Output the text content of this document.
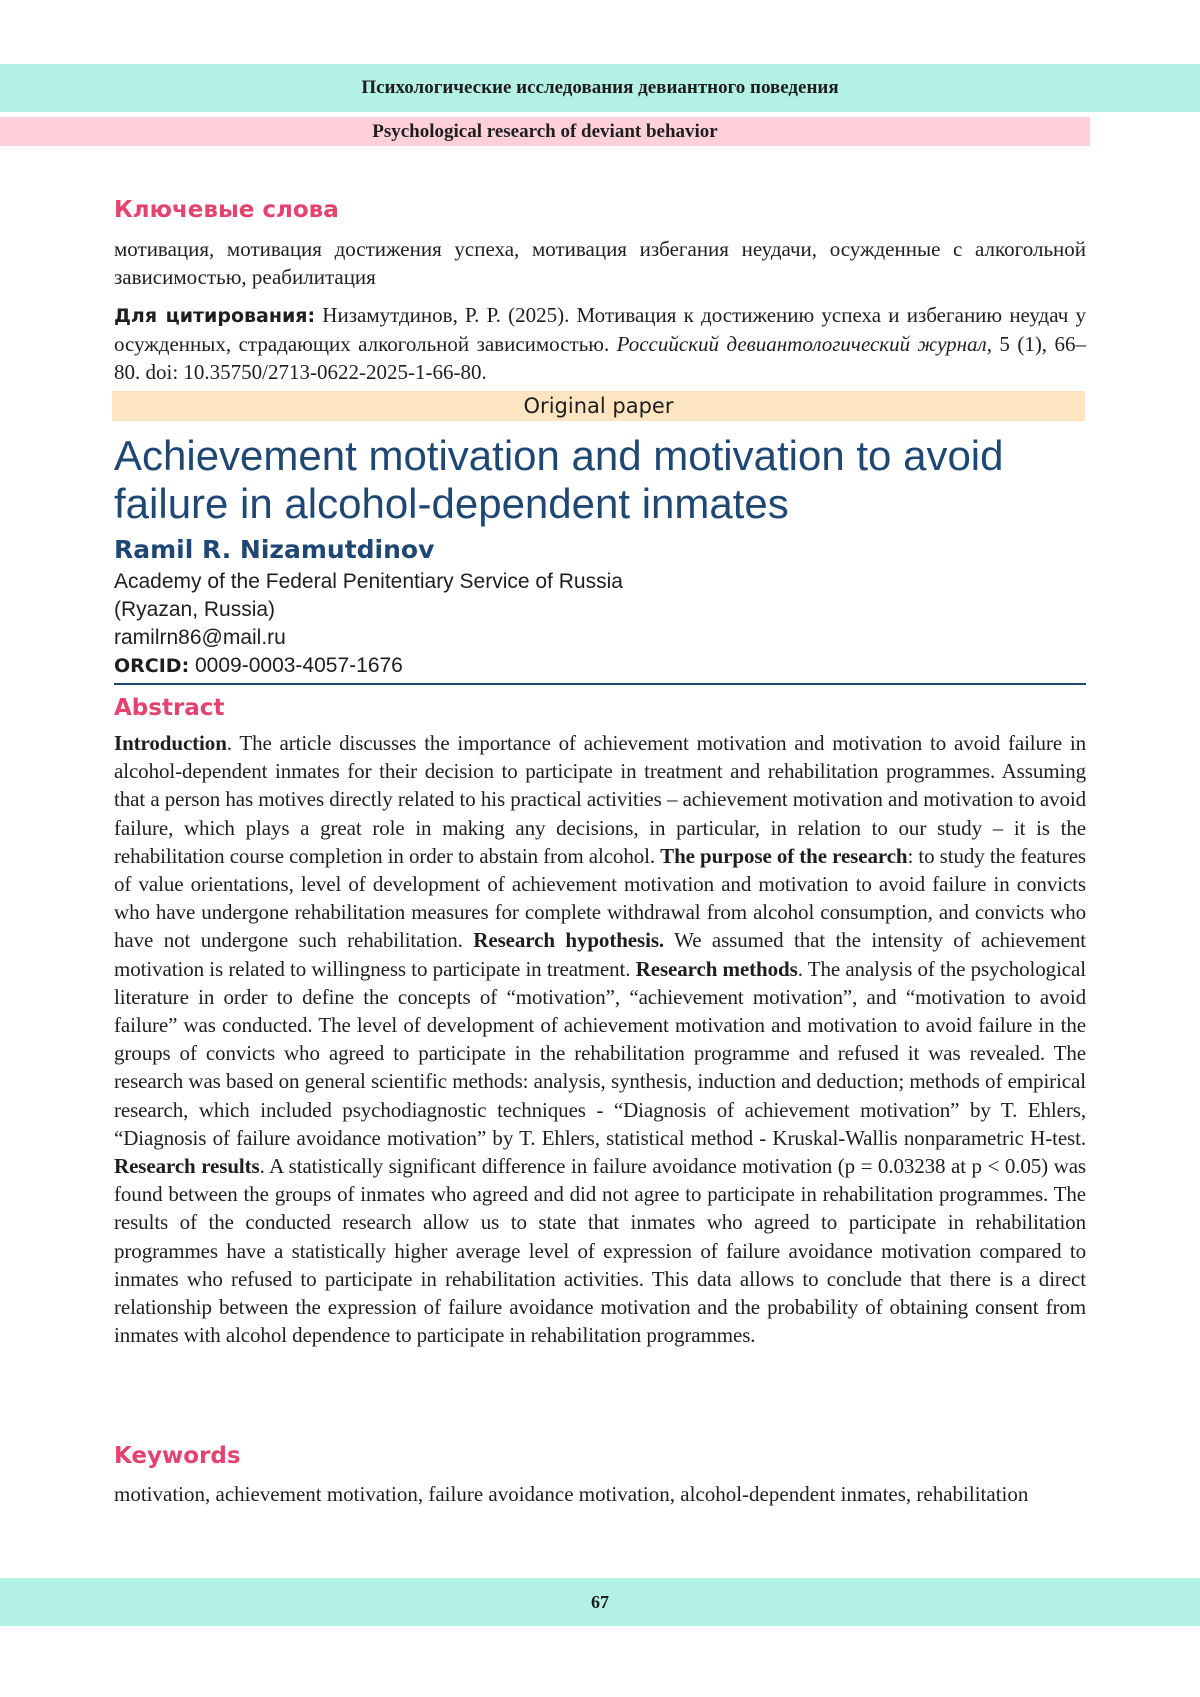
Психологические исследования девиантного поведения
Psychological research of deviant behavior
Ключевые слова

мотивация, мотивация достижения успеха, мотивация избегания неудачи, осужденные с алкогольной зависимостью, реабилитация

Для цитирования: Низамутдинов, Р. Р. (2025). Мотивация к достижению успеха и избеганию неудач у осужденных, страдающих алкогольной зависимостью. Российский девиантологический журнал, 5 (1), 66–80. doi: 10.35750/2713-0622-2025-1-66-80.

Original paper
Achievement motivation and motivation to avoid failure in alcohol-dependent inmates
Ramil R. Nizamutdinov
Academy of the Federal Penitentiary Service of Russia
(Ryazan, Russia)
ramilrn86@mail.ru
ORCID: 0009-0003-4057-1676
Abstract

Introduction. The article discusses the importance of achievement motivation and motivation to avoid failure in alcohol-dependent inmates for their decision to participate in treatment and rehabilitation programmes. Assuming that a person has motives directly related to his practical activities – achievement motivation and motivation to avoid failure, which plays a great role in making any decisions, in particular, in relation to our study – it is the rehabilitation course completion in order to abstain from alcohol. The purpose of the research: to study the features of value orientations, level of development of achievement motivation and motivation to avoid failure in convicts who have undergone rehabilitation measures for complete withdrawal from alcohol consumption, and convicts who have not undergone such rehabilitation. Research hypothesis. We assumed that the intensity of achievement motivation is related to willingness to participate in treatment. Research methods. The analysis of the psychological literature in order to define the concepts of “motivation”, “achievement motivation”, and “motivation to avoid failure” was conducted. The level of development of achievement motivation and motivation to avoid failure in the groups of convicts who agreed to participate in the rehabilitation programme and refused it was revealed. The research was based on general scientific methods: analysis, synthesis, induction and deduction; methods of empirical research, which included psychodiagnostic techniques - “Diagnosis of achievement motivation” by T. Ehlers, “Diagnosis of failure avoidance motivation” by T. Ehlers, statistical method - Kruskal-Wallis nonparametric H-test. Research results. A statistically significant difference in failure avoidance motivation (p = 0.03238 at p < 0.05) was found between the groups of inmates who agreed and did not agree to participate in rehabilitation programmes. The results of the conducted research allow us to state that inmates who agreed to participate in rehabilitation programmes have a statistically higher average level of expression of failure avoidance motivation compared to inmates who refused to participate in rehabilitation activities. This data allows to conclude that there is a direct relationship between the expression of failure avoidance motivation and the probability of obtaining consent from inmates with alcohol dependence to participate in rehabilitation programmes.

Keywords

motivation, achievement motivation, failure avoidance motivation, alcohol-dependent inmates, rehabilitation

67
